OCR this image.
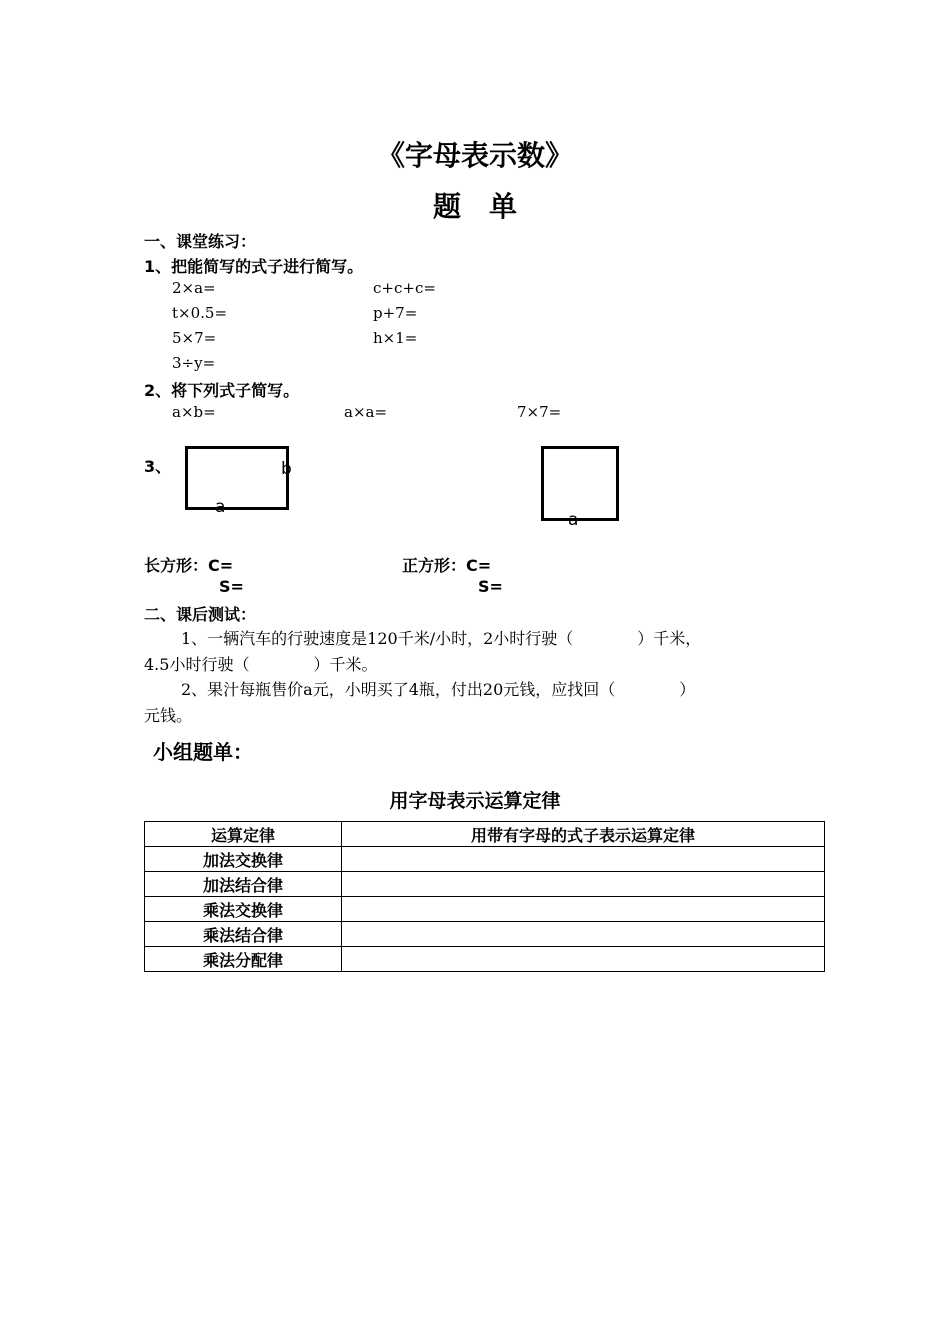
《字母表示数》
题　单
一、课堂练习：
1、把能简写的式子进行简写。
2×a=	c+c+c=
t×0.5=	p+7=
5×7=	h×1=
3÷y=
2、将下列式子简写。
a×b=	a×a=	7×7=
3、	b
a
a
长方形：C=
S=
正方形：C=
S=
二、课后测试：
1、一辆汽车的行驶速度是120千米/小时，2小时行驶（　　　　）千米，
4.5小时行驶（　　　　）千米。
2、果汁每瓶售价a元，小明买了4瓶，付出20元钱，应找回（　　　　）
元钱。
小组题单：
用字母表示运算定律
运算定律	用带有字母的式子表示运算定律
加法交换律	
加法结合律	
乘法交换律	
乘法结合律	
乘法分配律	
